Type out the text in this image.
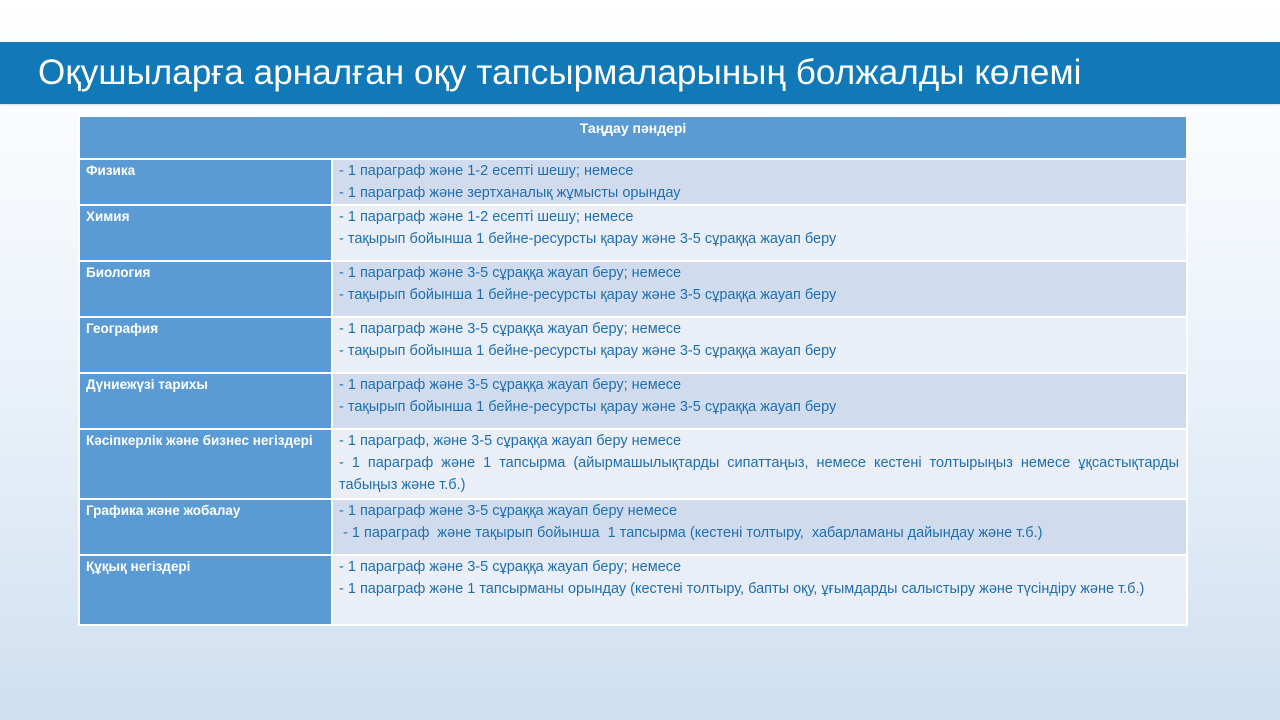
Оқушыларға арналған оқу тапсырмаларының болжалды көлемі
Таңдау пәндері	
Физика	- 1 параграф және 1-2 есепті шешу; немесе
- 1 параграф және зертханалық жұмысты орындау

Химия	- 1 параграф және 1-2 есепті шешу; немесе
- тақырып бойынша 1 бейне-ресурсты қарау және 3-5 сұраққа жауап беру

Биология	- 1 параграф және 3-5 сұраққа жауап беру; немесе
- тақырып бойынша 1 бейне-ресурсты қарау және 3-5 сұраққа жауап беру

География	- 1 параграф және 3-5 сұраққа жауап беру; немесе
- тақырып бойынша 1 бейне-ресурсты қарау және 3-5 сұраққа жауап беру

Дүниежүзі тарихы	- 1 параграф және 3-5 сұраққа жауап беру; немесе
- тақырып бойынша 1 бейне-ресурсты қарау және 3-5 сұраққа жауап беру

Кәсіпкерлік және бизнес негіздері	- 1 параграф, және 3-5 сұраққа жауап беру немесе
- 1 параграф және 1 тапсырма (айырмашылықтарды сипаттаңыз, немесе кестені толтырыңыз немесе ұқсастықтарды табыңыз және т.б.)

Графика және жобалау	- 1 параграф және 3-5 сұраққа жауап беру немесе
- 1 параграф  және тақырып бойынша  1 тапсырма (кестені толтыру,  хабарламаны дайындау және т.б.)

Құқық негіздері	- 1 параграф және 3-5 сұраққа жауап беру; немесе
- 1 параграф және 1 тапсырманы орындау (кестені толтыру, бапты оқу, ұғымдарды салыстыру және түсіндіру және т.б.)
